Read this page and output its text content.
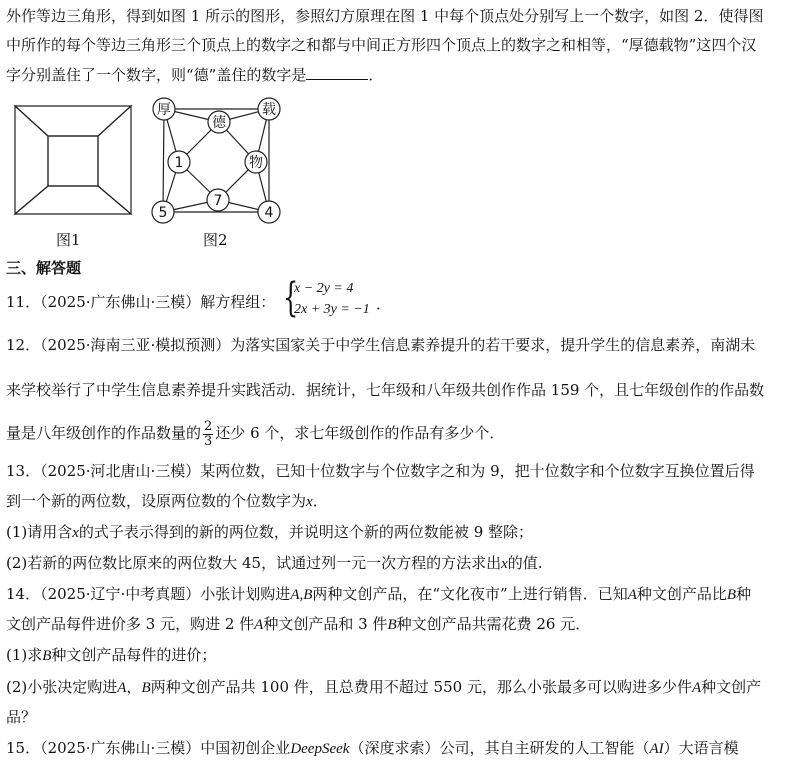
外作等边三角形，得到如图 1 所示的图形，参照幻方原理在图 1 中每个顶点处分别写上一个数字，如图 2．使得图
中所作的每个等边三角形三个顶点上的数字之和都与中间正方形四个顶点上的数字之和相等，“厚德载物”这四个汉
字分别盖住了一个数字，则“德”盖住的数字是	．
图1
厚
德
载
1	物
5
7
4
图2
三、解答题
11．（2025·广东佛山·三模）解方程组： {
x − 2y = 4
2x + 3y = −1 ．
12．（2025·海南三亚·模拟预测）为落实国家关于中学生信息素养提升的若干要求，提升学生的信息素养，南湖未
来学校举行了中学生信息素养提升实践活动．据统计，七年级和八年级共创作作品 159 个，且七年级创作的作品数
量是八年级创作的作品数量的 $\frac{2}{3}$ 还少 6 个，求七年级创作的作品有多少个．
13．（2025·河北唐山·三模）某两位数，已知十位数字与个位数字之和为 9，把十位数字和个位数字互换位置后得
到一个新的两位数，设原两位数的个位数字为x．
(1)请用含x的式子表示得到的新的两位数，并说明这个新的两位数能被 9 整除；
(2)若新的两位数比原来的两位数大 45，试通过列一元一次方程的方法求出x的值.
14．（2025·辽宁·中考真题）小张计划购进A,B两种文创产品，在“文化夜市”上进行销售．已知A种文创产品比B种
文创产品每件进价多 3 元，购进 2 件A种文创产品和 3 件B种文创产品共需花费 26 元．
(1)求B种文创产品每件的进价；
(2)小张决定购进A，B两种文创产品共 100 件，且总费用不超过 550 元，那么小张最多可以购进多少件A种文创产
品？
15．（2025·广东佛山·三模）中国初创企业DeepSeek（深度求索）公司，其自主研发的人工智能（AI）大语言模
